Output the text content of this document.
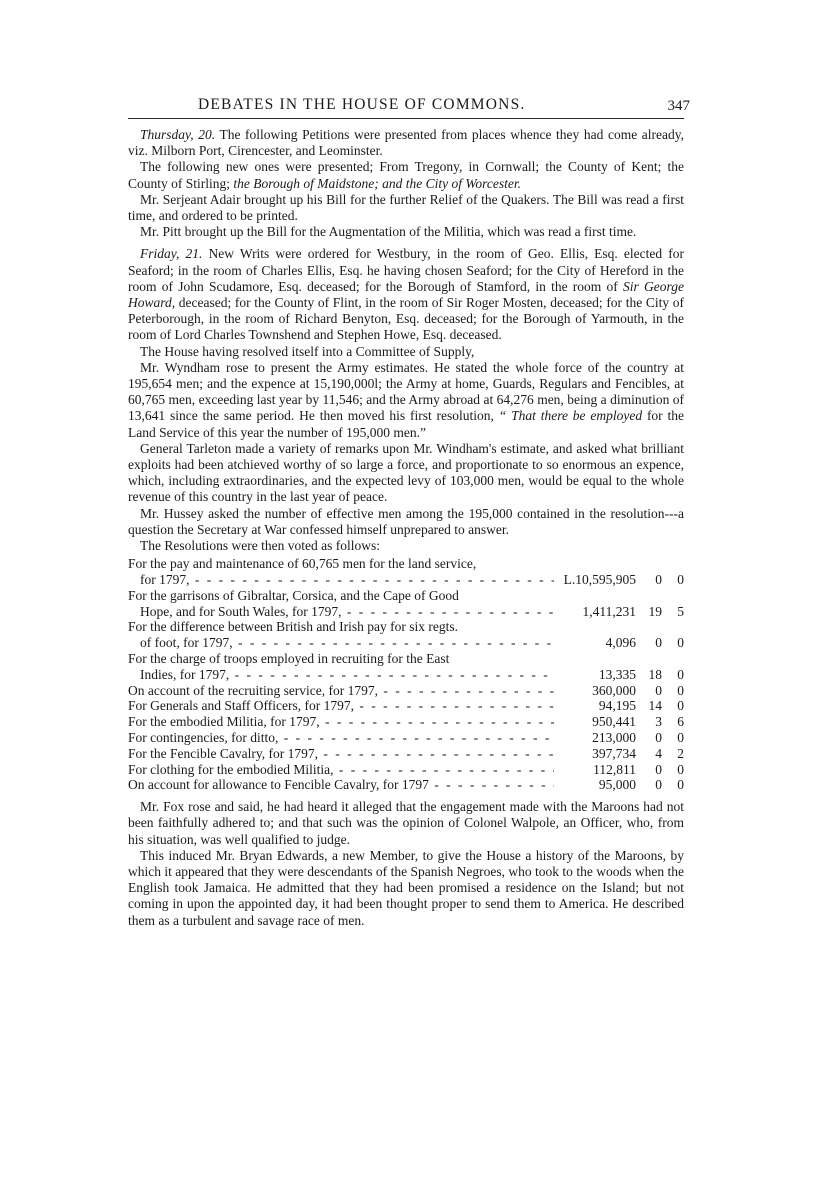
DEBATES IN THE HOUSE OF COMMONS.	347

Thursday, 20. The following Petitions were presented from places whence they had come already, viz. Milborn Port, Cirencester, and Leominster.

The following new ones were presented; From Tregony, in Cornwall; the County of Kent; the County of Stirling; the Borough of Maidstone; and the City of Worcester.

Mr. Serjeant Adair brought up his Bill for the further Relief of the Quakers. The Bill was read a first time, and ordered to be printed.

Mr. Pitt brought up the Bill for the Augmentation of the Militia, which was read a first time.

Friday, 21. New Writs were ordered for Westbury, in the room of Geo. Ellis, Esq. elected for Seaford; in the room of Charles Ellis, Esq. he having chosen Seaford; for the City of Hereford in the room of John Scudamore, Esq. deceased; for the Borough of Stamford, in the room of Sir George Howard, deceased; for the County of Flint, in the room of Sir Roger Mosten, deceased; for the City of Peterborough, in the room of Richard Benyton, Esq. deceased; for the Borough of Yarmouth, in the room of Lord Charles Townshend and Stephen Howe, Esq. deceased.

The House having resolved itself into a Committee of Supply,

Mr. Wyndham rose to present the Army estimates. He stated the whole force of the country at 195,654 men; and the expence at 15,190,000l; the Army at home, Guards, Regulars and Fencibles, at 60,765 men, exceeding last year by 11,546; and the Army abroad at 64,276 men, being a diminution of 13,641 since the same period. He then moved his first resolution, “ That there be employed for the Land Service of this year the number of 195,000 men.”

General Tarleton made a variety of remarks upon Mr. Windham's estimate, and asked what brilliant exploits had been atchieved worthy of so large a force, and proportionate to so enormous an expence, which, including extraordinaries, and the expected levy of 103,000 men, would be equal to the whole revenue of this country in the last year of peace.

Mr. Hussey asked the number of effective men among the 195,000 contained in the resolution---a question the Secretary at War confessed himself unprepared to answer.

The Resolutions were then voted as follows:

For the pay and maintenance of 60,765 men for the land service,
for 1797, - - -	L.10,595,905	0	0
For the garrisons of Gibraltar, Corsica, and the Cape of Good
Hope, and for South Wales, for 1797, - - -	1,411,231 19	5
For the difference between British and Irish pay for six regts.
of foot, for 1797, - - -	4,096	0	0
For the charge of troops employed in recruiting for the East
Indies, for 1797, - - -	13,335 18	0
On account of the recruiting service, for 1797, - - -	360,000	0	0
For Generals and Staff Officers, for 1797, - - -	94,195 14	0
For the embodied Militia, for 1797, - - -	950,441	3	6
For contingencies, for ditto, - - -	213,000	0	0
For the Fencible Cavalry, for 1797, - - -	397,734	4	2
For clothing for the embodied Militia, - - -	112,811	0	0
On account for allowance to Fencible Cavalry, for 1797 - - -	95,000	0	0

Mr. Fox rose and said, he had heard it alleged that the engagement made with the Maroons had not been faithfully adhered to; and that such was the opinion of Colonel Walpole, an Officer, who, from his situation, was well qualified to judge.

This induced Mr. Bryan Edwards, a new Member, to give the House a history of the Maroons, by which it appeared that they were descendants of the Spanish Negroes, who took to the woods when the English took Jamaica. He admitted that they had been promised a residence on the Island; but not coming in upon the appointed day, it had been thought proper to send them to America. He described them as a turbulent and savage race of men.
